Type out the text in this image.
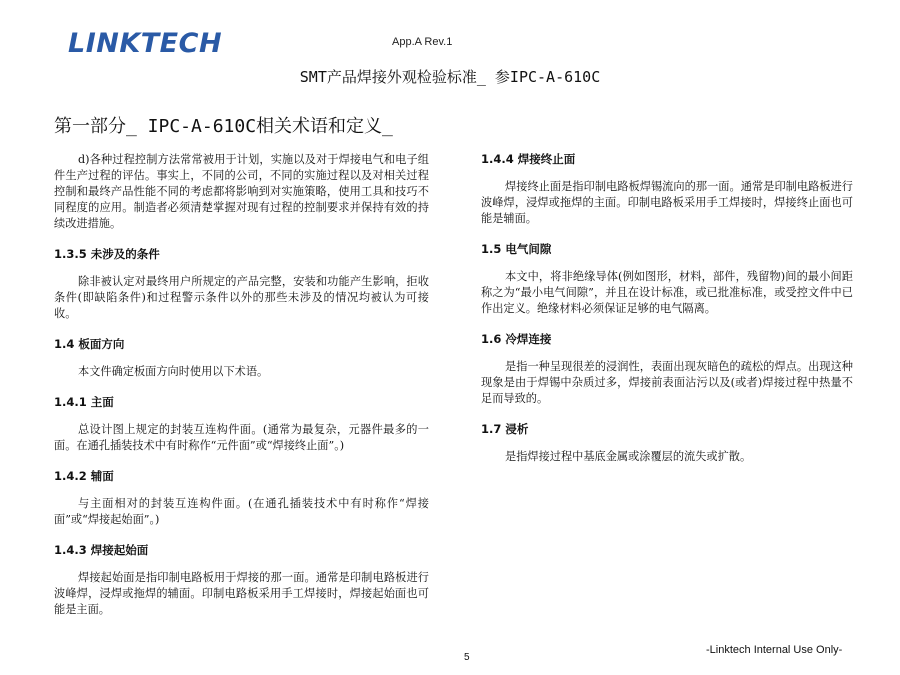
LINKTECH	App.A Rev.1
SMT产品焊接外观检验标准_ 参IPC-A-610C
第一部分_ IPC-A-610C相关术语和定义_

d)各种过程控制方法常常被用于计划，实施以及对于焊接电气和电子组件生产过程的评估。事实上，不同的公司，不同的实施过程以及对相关过程控制和最终产品性能不同的考虑都将影响到对实施策略，使用工具和技巧不同程度的应用。制造者必须清楚掌握对现有过程的控制要求并保持有效的持续改进措施。

1.3.5 未涉及的条件

除非被认定对最终用户所规定的产品完整，安装和功能产生影响，拒收条件(即缺陷条件)和过程警示条件以外的那些未涉及的情况均被认为可接收。

1.4 板面方向

本文件确定板面方向时使用以下术语。

1.4.1 主面

总设计图上规定的封装互连构件面。(通常为最复杂，元器件最多的一面。在通孔插装技术中有时称作“元件面”或“焊接终止面”。)

1.4.2 辅面

与主面相对的封装互连构件面。(在通孔插装技术中有时称作“焊接面”或“焊接起始面”。)

1.4.3 焊接起始面

焊接起始面是指印制电路板用于焊接的那一面。通常是印制电路板进行波峰焊，浸焊或拖焊的辅面。印制电路板采用手工焊接时，焊接起始面也可能是主面。

1.4.4 焊接终止面

焊接终止面是指印制电路板焊锡流向的那一面。通常是印制电路板进行波峰焊，浸焊或拖焊的主面。印制电路板采用手工焊接时，焊接终止面也可能是辅面。

1.5 电气间隙

本文中，将非绝缘导体(例如图形，材料，部件，残留物)间的最小间距称之为“最小电气间隙”，并且在设计标准，或已批准标准，或受控文件中已作出定义。绝缘材料必须保证足够的电气隔离。

1.6 冷焊连接

是指一种呈现很差的浸润性，表面出现灰暗色的疏松的焊点。出现这种现象是由于焊锡中杂质过多，焊接前表面沾污以及(或者)焊接过程中热量不足而导致的。

1.7 浸析

是指焊接过程中基底金属或涂覆层的流失或扩散。

5
-Linktech Internal Use Only-
